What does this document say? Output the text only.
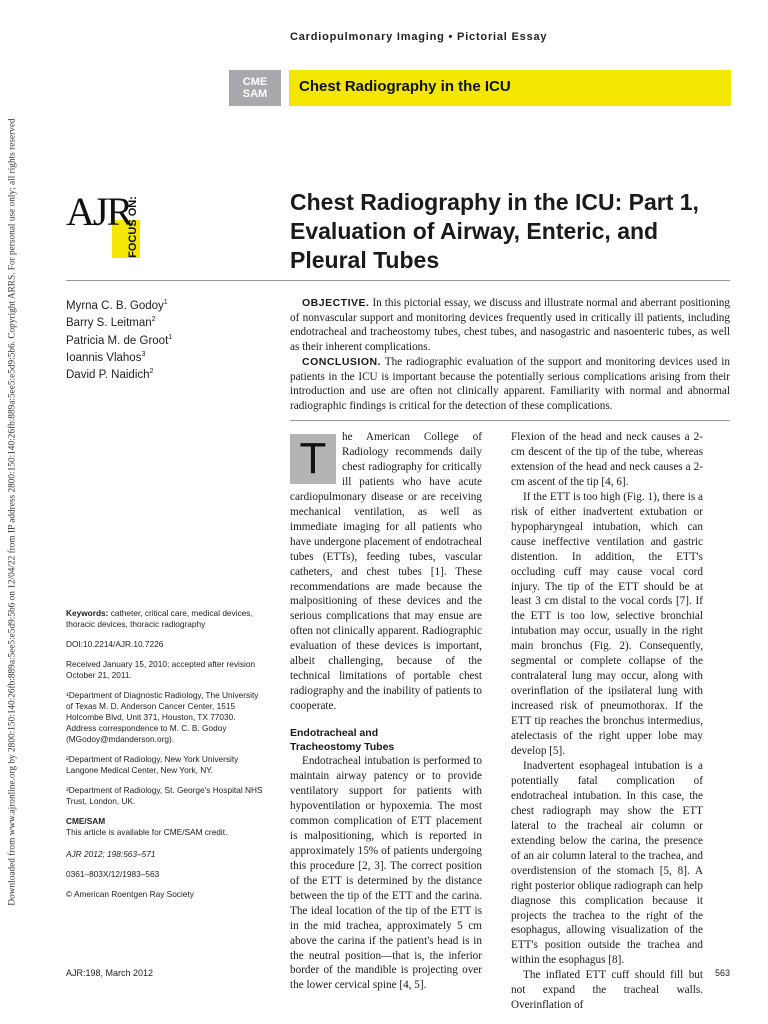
Downloaded from www.ajronline.org by 2800:150:140:26fb:889a:5ee5:e5d9:5b6 on 12/04/22 from IP address 2800:150:140:26fb:889a:5ee5:e5d9:5b6. Copyright ARRS. For personal use only; all rights reserved
Cardiopulmonary Imaging • Pictorial Essay
CME
SAM	Chest Radiography in the ICU
AJR
FOCUS ON:	Chest Radiography in the ICU: Part 1, Evaluation of Airway, Enteric, and Pleural Tubes
Myrna C. B. Godoy$^1$
Barry S. Leitman$^2$
Patricia M. de Groot$^1$
Ioannis Vlahos$^3$
David P. Naidich$^2$

OBJECTIVE. In this pictorial essay, we discuss and illustrate normal and aberrant positioning of nonvascular support and monitoring devices frequently used in critically ill patients, including endotracheal and tracheostomy tubes, chest tubes, and nasogastric and nasoenteric tubes, as well as their inherent complications.

CONCLUSION. The radiographic evaluation of the support and monitoring devices used in patients in the ICU is important because the potentially serious complications arising from their introduction and use are often not clinically apparent. Familiarity with normal and abnormal radiographic findings is critical for the detection of these complications.

Keywords: catheter, critical care, medical devices, thoracic devices, thoracic radiography

DOI:10.2214/AJR.10.7226

Received January 15, 2010; accepted after revision October 21, 2011.

¹Department of Diagnostic Radiology, The University of Texas M. D. Anderson Cancer Center, 1515 Holcombe Blvd, Unit 371, Houston, TX 77030. Address correspondence to M. C. B. Godoy (MGodoy@mdanderson.org).

²Department of Radiology, New York University Langone Medical Center, New York, NY.

³Department of Radiology, St. George's Hospital NHS Trust, London, UK.

CME/SAM
This article is available for CME/SAM credit.

AJR 2012; 198:563–571

0361–803X/12/1983–563

© American Roentgen Ray Society

T	he American College of Radiology recommends daily chest radiography for critically ill patients who have acute cardiopulmonary disease or are receiving mechanical ventilation, as well as immediate imaging for all patients who have undergone placement of endotracheal tubes (ETTs), feeding tubes, vascular catheters, and chest tubes [1]. These recommendations are made because the malpositioning of these devices and the serious complications that may ensue are often not clinically apparent. Radiographic evaluation of these devices is important, albeit challenging, because of the technical limitations of portable chest radiography and the inability of patients to cooperate.

Endotracheal and
Tracheostomy Tubes

Endotracheal intubation is performed to maintain airway patency or to provide ventilatory support for patients with hypoventilation or hypoxemia. The most common complication of ETT placement is malpositioning, which is reported in approximately 15% of patients undergoing this procedure [2, 3]. The correct position of the ETT is determined by the distance between the tip of the ETT and the carina. The ideal location of the tip of the ETT is in the mid trachea, approximately 5 cm above the carina if the patient's head is in the neutral position—that is, the inferior border of the mandible is projecting over the lower cervical spine [4, 5].

Flexion of the head and neck causes a 2-cm descent of the tip of the tube, whereas extension of the head and neck causes a 2-cm ascent of the tip [4, 6].

If the ETT is too high (Fig. 1), there is a risk of either inadvertent extubation or hypopharyngeal intubation, which can cause ineffective ventilation and gastric distention. In addition, the ETT's occluding cuff may cause vocal cord injury. The tip of the ETT should be at least 3 cm distal to the vocal cords [7]. If the ETT is too low, selective bronchial intubation may occur, usually in the right main bronchus (Fig. 2). Consequently, segmental or complete collapse of the contralateral lung may occur, along with overinflation of the ipsilateral lung with increased risk of pneumothorax. If the ETT tip reaches the bronchus intermedius, atelectasis of the right upper lobe may develop [5].

Inadvertent esophageal intubation is a potentially fatal complication of endotracheal intubation. In this case, the chest radiograph may show the ETT lateral to the tracheal air column or extending below the carina, the presence of an air column lateral to the trachea, and overdistension of the stomach [5, 8]. A right posterior oblique radiograph can help diagnose this complication because it projects the trachea to the right of the esophagus, allowing visualization of the ETT's position outside the trachea and within the esophagus [8].

The inflated ETT cuff should fill but not expand the tracheal walls. Overinflation of

AJR:198, March 2012	563
